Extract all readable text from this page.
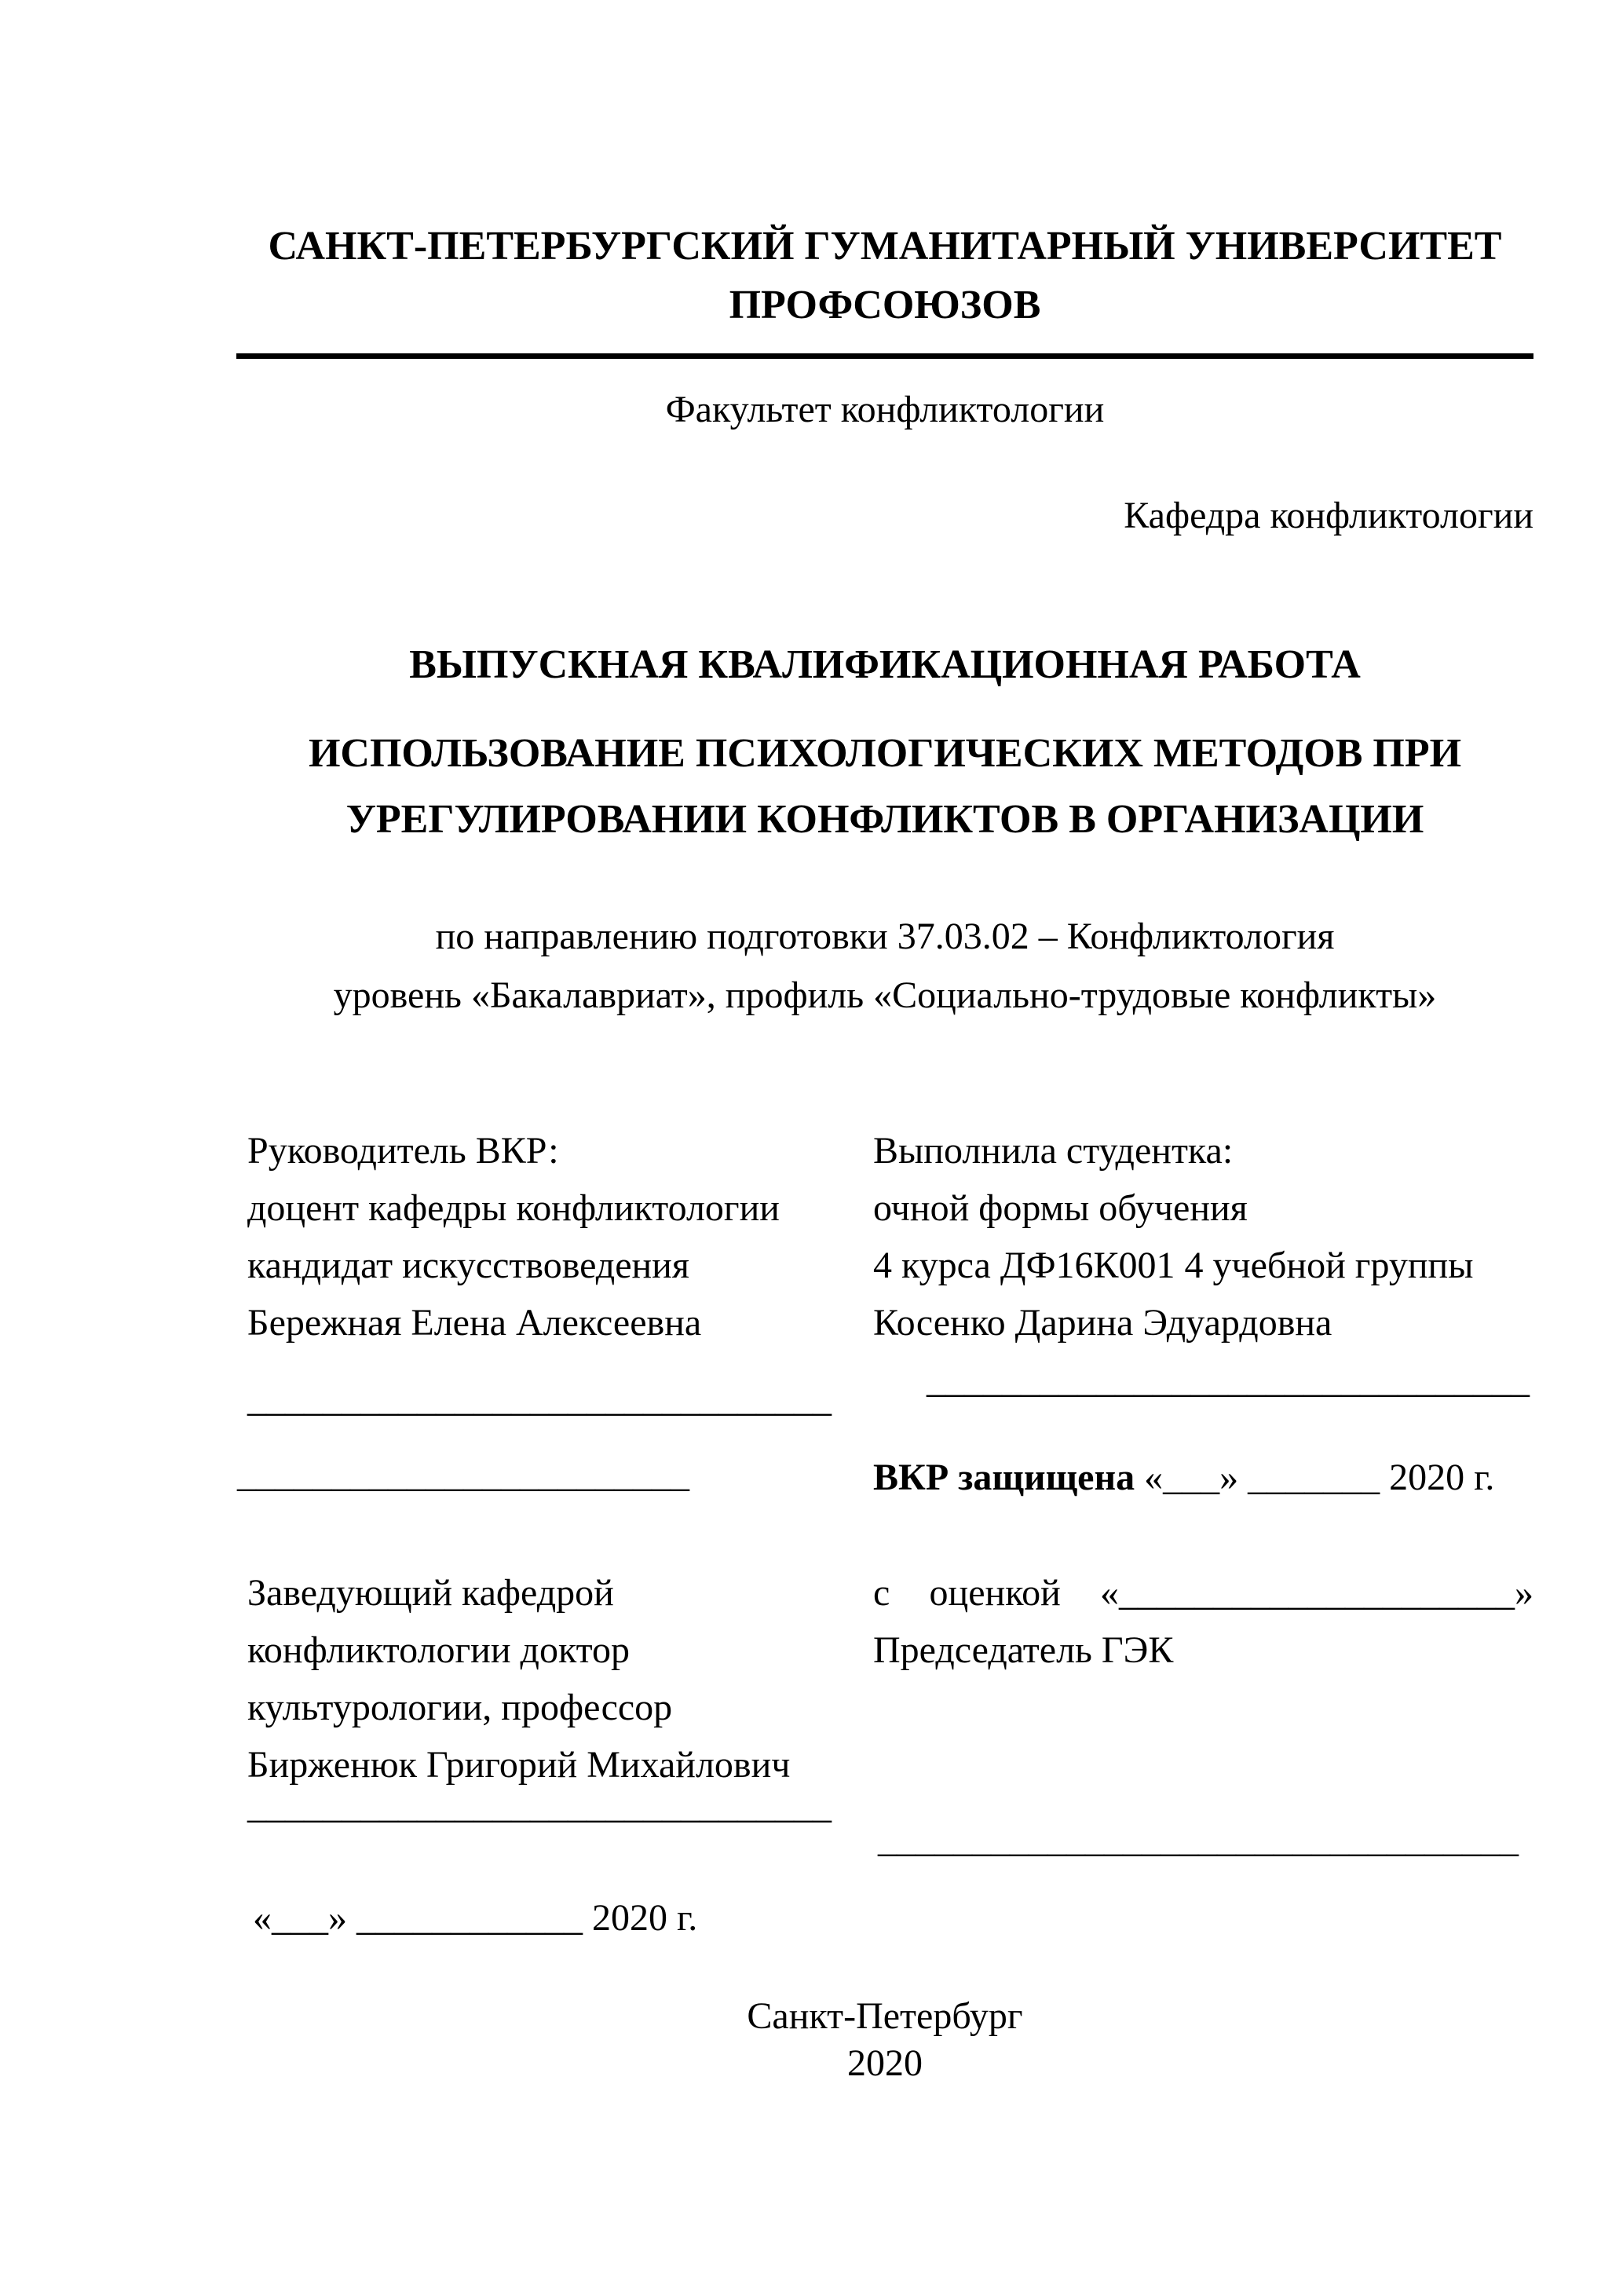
САНКТ-ПЕТЕРБУРГСКИЙ ГУМАНИТАРНЫЙ УНИВЕРСИТЕТ
ПРОФСОЮЗОВ
Факультет конфликтологии
Кафедра конфликтологии
ВЫПУСКНАЯ КВАЛИФИКАЦИОННАЯ РАБОТА
ИСПОЛЬЗОВАНИЕ ПСИХОЛОГИЧЕСКИХ МЕТОДОВ ПРИ
УРЕГУЛИРОВАНИИ КОНФЛИКТОВ В ОРГАНИЗАЦИИ
по направлению подготовки 37.03.02 – Конфликтология
уровень «Бакалавриат», профиль «Социально-трудовые конфликты»
Руководитель ВКР:
доцент кафедры конфликтологии
кандидат искусствоведения
Бережная Елена Алексеевна
Выполнила студентка:
очной формы обучения
4 курса ДФ16К001 4 учебной группы
Косенко Дарина Эдуардовна
________________________________
_______________________________
________________________	ВКР защищена «___» _______ 2020 г.
Заведующий кафедрой
конфликтологии доктор
культурологии, профессор
Бирженюк Григорий Михайлович
с оценкой «_____________________»
Председатель ГЭК
_______________________________
__________________________________
«___» ____________ 2020 г.
Санкт-Петербург
2020
